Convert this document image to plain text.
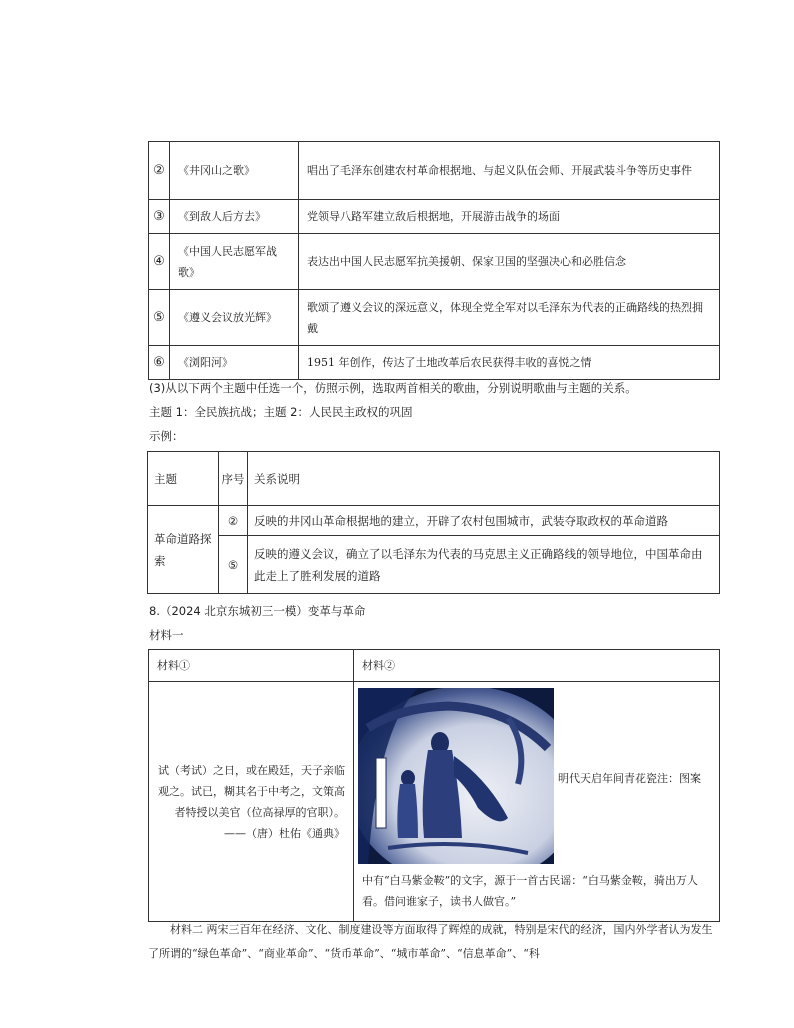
②	《井冈山之歌》	唱出了毛泽东创建农村革命根据地、与起义队伍会师、开展武装斗争等历史事件
③	《到敌人后方去》	党领导八路军建立敌后根据地，开展游击战争的场面
④	《中国人民志愿军战歌》	表达出中国人民志愿军抗美援朝、保家卫国的坚强决心和必胜信念
⑤	《遵义会议放光辉》	歌颂了遵义会议的深远意义，体现全党全军对以毛泽东为代表的正确路线的热烈拥戴
⑥	《浏阳河》	1951 年创作，传达了土地改革后农民获得丰收的喜悦之情
(3)从以下两个主题中任选一个，仿照示例，选取两首相关的歌曲，分别说明歌曲与主题的关系。
主题 1：全民族抗战；主题 2：人民民主政权的巩固
示例：
主题	序号	关系说明
革命道路探索	②	反映的井冈山革命根据地的建立，开辟了农村包围城市，武装夺取政权的革命道路
	⑤	反映的遵义会议，确立了以毛泽东为代表的马克思主义正确路线的领导地位，中国革命由此走上了胜利发展的道路
8.（2024 北京东城初三一模）变革与革命
材料一
材料①	材料②
试（考试）之日，或在殿廷，天子亲临观之。试已，糊其名于中考之，文策高者特授以美官（位高禄厚的官职）。——（唐）杜佑《通典》	明代天启年间青花瓷注：图案
中有“白马紫金鞍”的文字，源于一首古民谣：“白马紫金鞍，骑出万人看。借问谁家子，读书人做官。”
材料二 两宋三百年在经济、文化、制度建设等方面取得了辉煌的成就，特别是宋代的经济，国内外学者认为发生了所谓的“绿色革命”、“商业革命”、“货币革命”、“城市革命”、“信息革命”、“科
